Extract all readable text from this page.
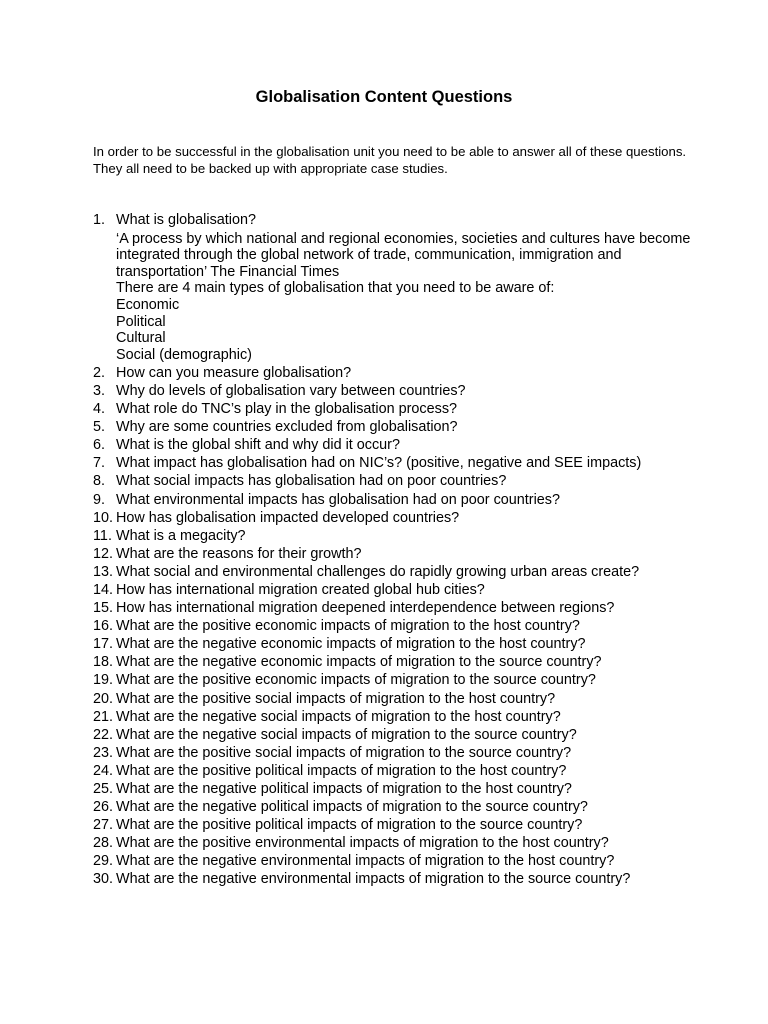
Globalisation Content Questions
In order to be successful in the globalisation unit you need to be able to answer all of these questions. They all need to be backed up with appropriate case studies.
1. What is globalisation?
‘A process by which national and regional economies, societies and cultures have become integrated through the global network of trade, communication, immigration and transportation’ The Financial Times
There are 4 main types of globalisation that you need to be aware of:
Economic
Political
Cultural
Social (demographic)
2. How can you measure globalisation?
3. Why do levels of globalisation vary between countries?
4. What role do TNC’s play in the globalisation process?
5. Why are some countries excluded from globalisation?
6. What is the global shift and why did it occur?
7. What impact has globalisation had on NIC’s? (positive, negative and SEE impacts)
8. What social impacts has globalisation had on poor countries?
9. What environmental impacts has globalisation had on poor countries?
10. How has globalisation impacted developed countries?
11. What is a megacity?
12. What are the reasons for their growth?
13. What social and environmental challenges do rapidly growing urban areas create?
14. How has international migration created global hub cities?
15. How has international migration deepened interdependence between regions?
16. What are the positive economic impacts of migration to the host country?
17. What are the negative economic impacts of migration to the host country?
18. What are the negative economic impacts of migration to the source country?
19. What are the positive economic impacts of migration to the source country?
20. What are the positive social impacts of migration to the host country?
21. What are the negative social impacts of migration to the host country?
22. What are the negative social impacts of migration to the source country?
23. What are the positive social impacts of migration to the source country?
24. What are the positive political impacts of migration to the host country?
25. What are the negative political impacts of migration to the host country?
26. What are the negative political impacts of migration to the source country?
27. What are the positive political impacts of migration to the source country?
28. What are the positive environmental impacts of migration to the host country?
29. What are the negative environmental impacts of migration to the host country?
30. What are the negative environmental impacts of migration to the source country?
